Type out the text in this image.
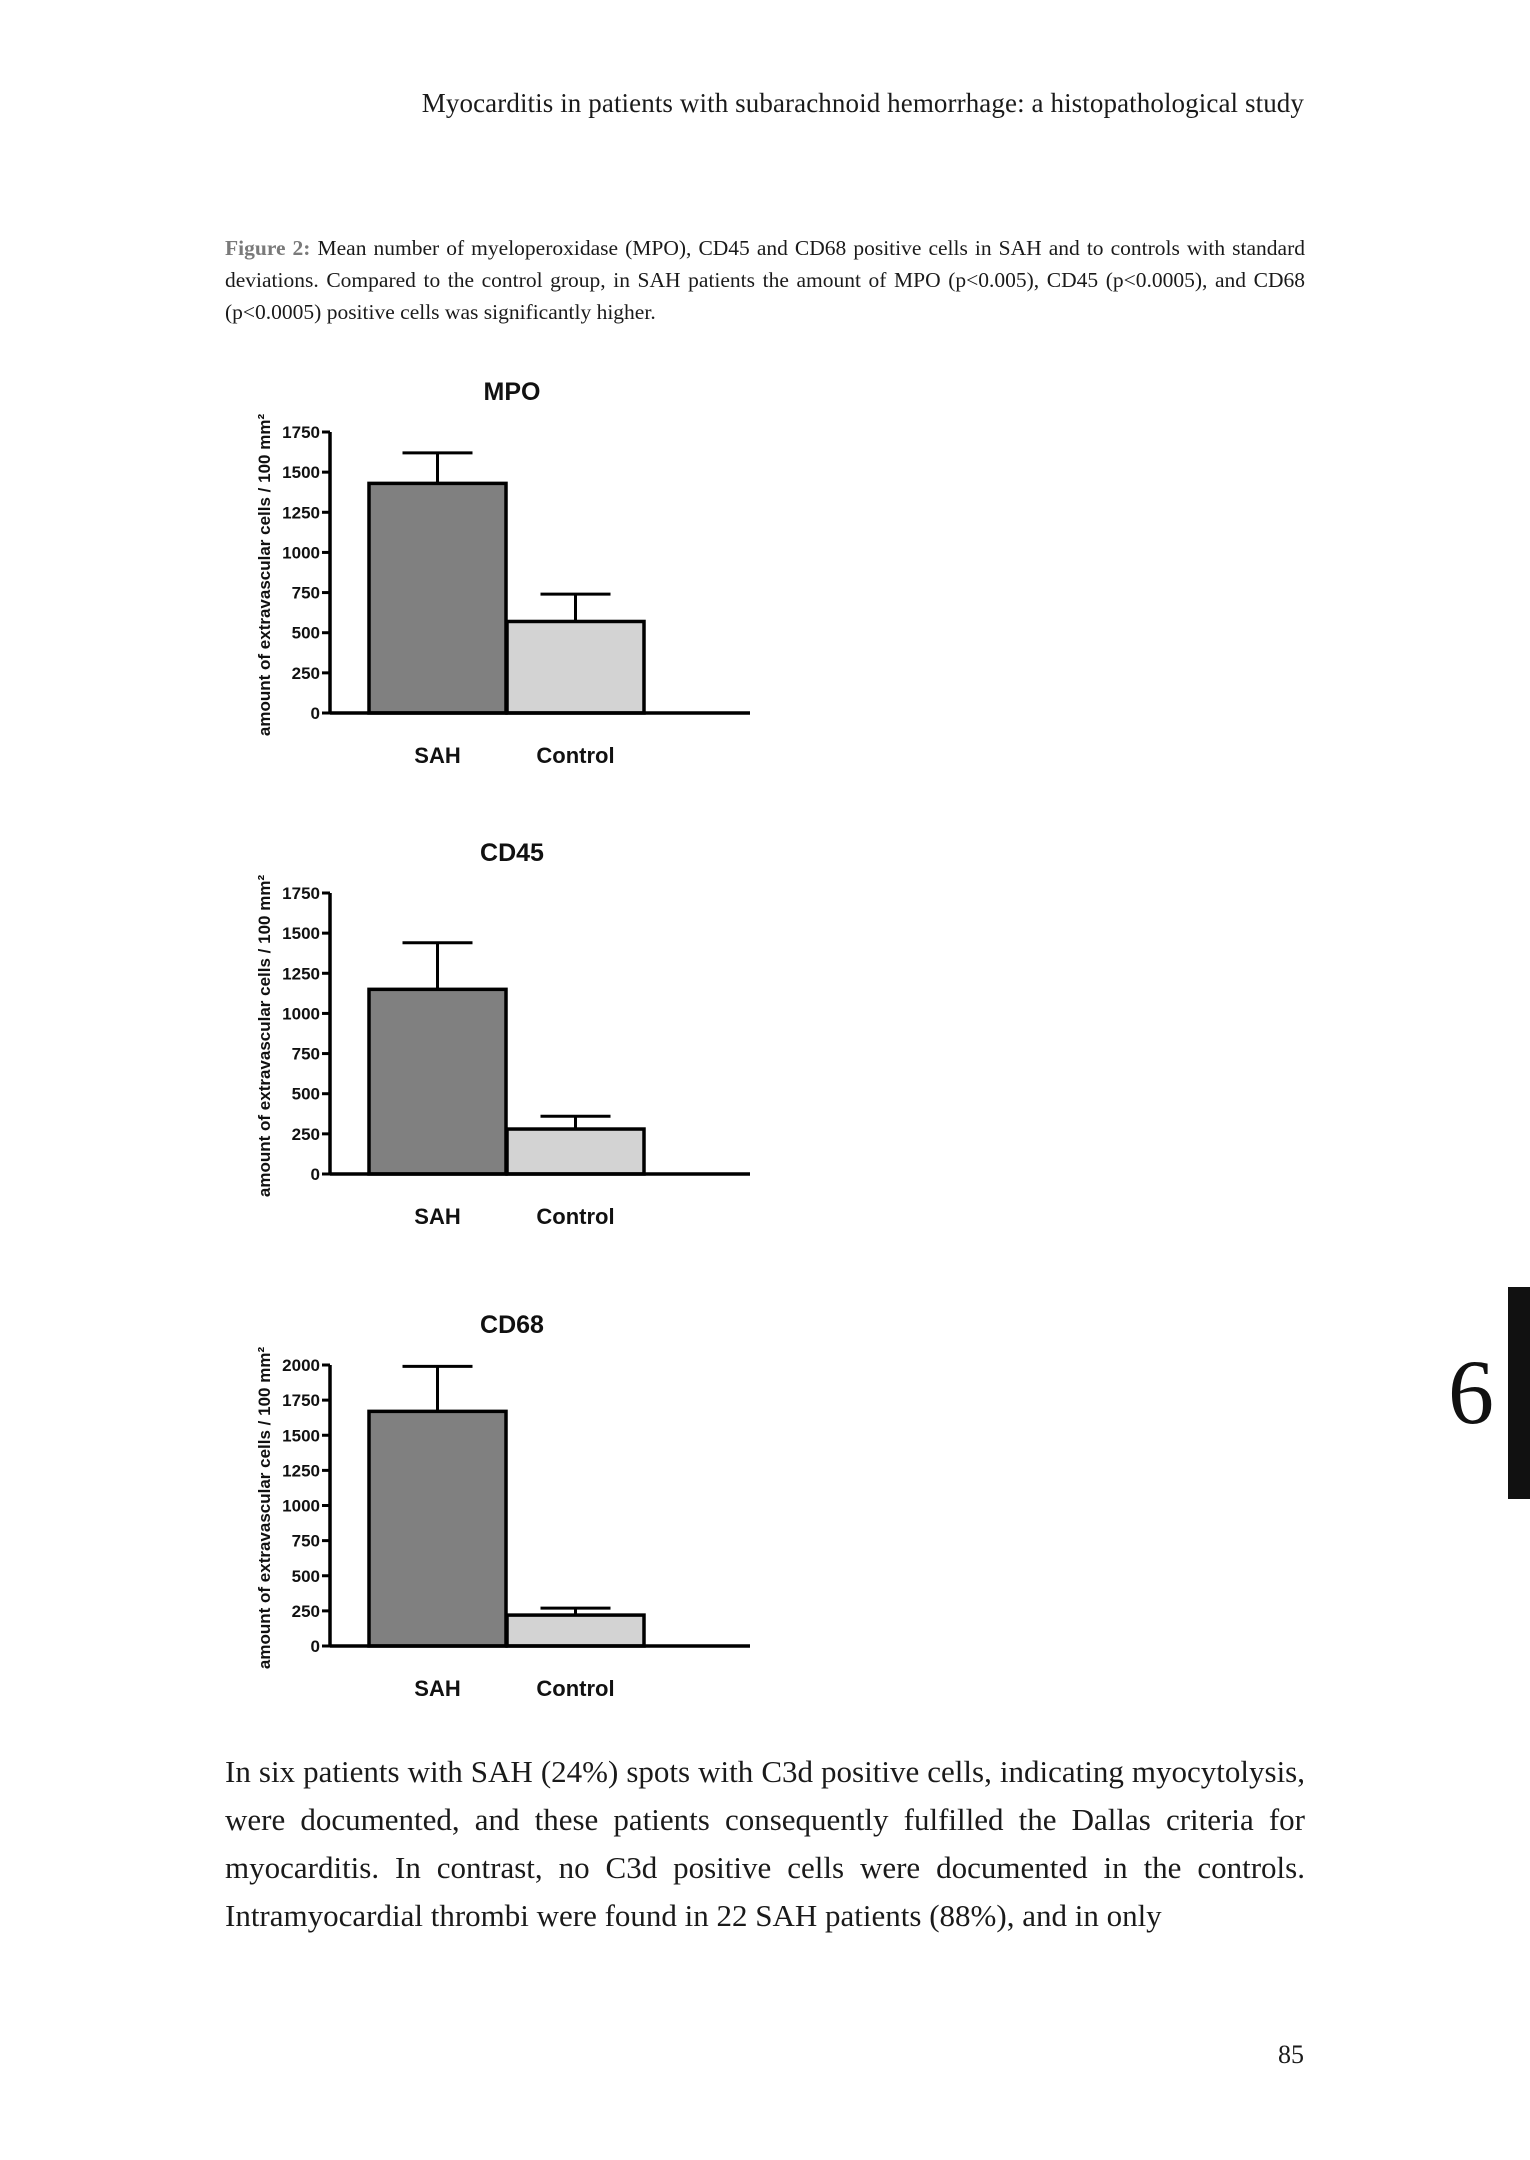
Myocarditis in patients with subarachnoid hemorrhage: a histopathological study
Figure 2: Mean number of myeloperoxidase (MPO), CD45 and CD68 positive cells in SAH and to controls with standard deviations. Compared to the control group, in SAH patients the amount of MPO (p<0.005), CD45 (p<0.0005), and CD68 (p<0.0005) positive cells was significantly higher.
MPO
amount of extravascular cells / 100 mm² 0
250
500
750
1000
1250
1500
1750
SAH	Control
CD45
amount of extravascular cells / 100 mm² 0
250
500
750
1000
1250
1500
1750
SAH	Control
CD68
amount of extravascular cells / 100 mm² 0
250
500
750
1000
1250
1500
1750
2000
SAH	Control
In six patients with SAH (24%) spots with C3d positive cells, indicating myocytolysis, were documented, and these patients consequently fulfilled the Dallas criteria for myocarditis. In contrast, no C3d positive cells were documented in the controls. Intramyocardial thrombi were found in 22 SAH patients (88%), and in only
6
85
